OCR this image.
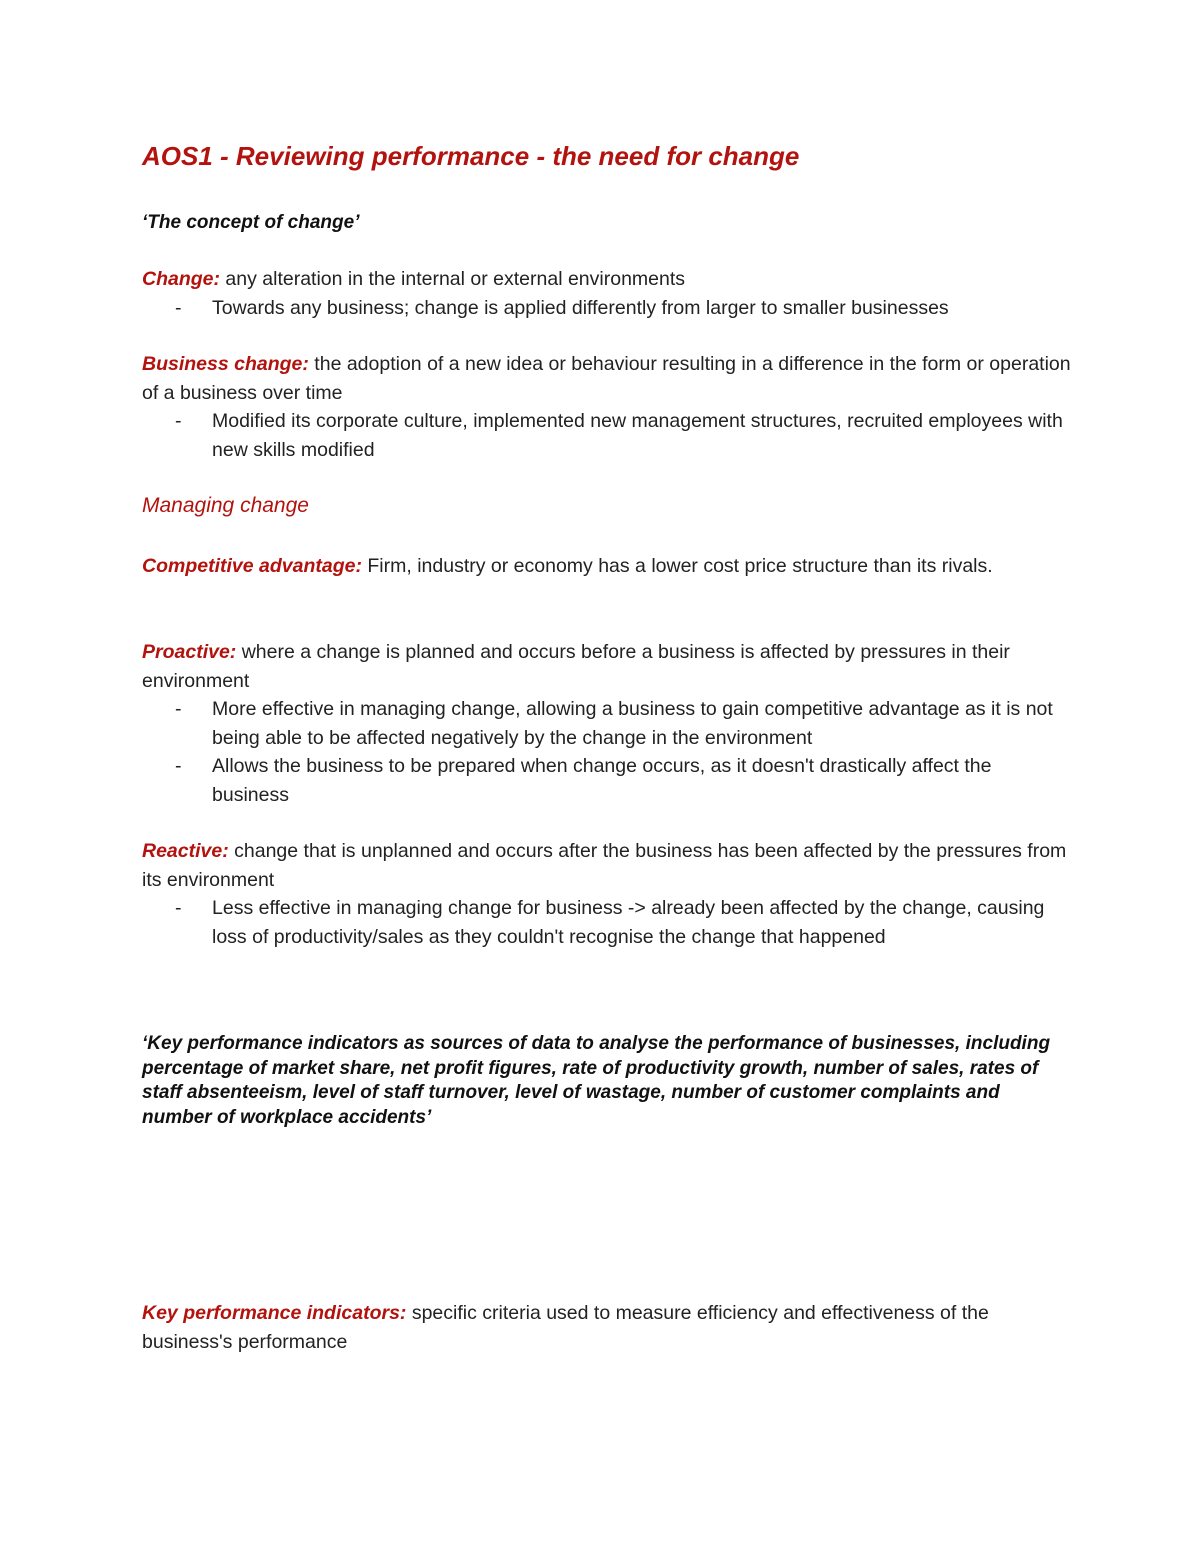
AOS1 - Reviewing performance - the need for change
‘The concept of change’
Change: any alteration in the internal or external environments
- Towards any business; change is applied differently from larger to smaller businesses
Business change: the adoption of a new idea or behaviour resulting in a difference in the form or operation of a business over time
- Modified its corporate culture, implemented new management structures, recruited employees with new skills modified
Managing change
Competitive advantage: Firm, industry or economy has a lower cost price structure than its rivals.
Proactive: where a change is planned and occurs before a business is affected by pressures in their environment
- More effective in managing change, allowing a business to gain competitive advantage as it is not being able to be affected negatively by the change in the environment
- Allows the business to be prepared when change occurs, as it doesn't drastically affect the business
Reactive: change that is unplanned and occurs after the business has been affected by the pressures from its environment
- Less effective in managing change for business -> already been affected by the change, causing loss of productivity/sales as they couldn't recognise the change that happened
‘Key performance indicators as sources of data to analyse the performance of businesses, including percentage of market share, net profit figures, rate of productivity growth, number of sales, rates of staff absenteeism, level of staff turnover, level of wastage, number of customer complaints and number of workplace accidents’
Key performance indicators: specific criteria used to measure efficiency and effectiveness of the business's performance
